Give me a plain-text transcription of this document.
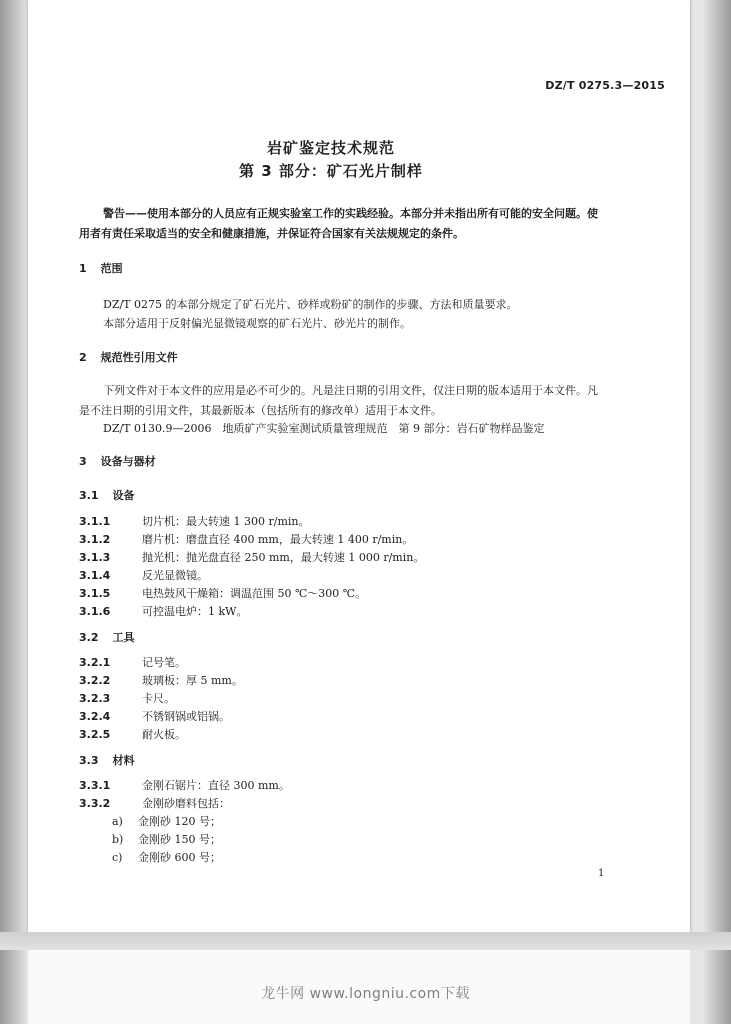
DZ/T 0275.3—2015
岩矿鉴定技术规范
第 3 部分：矿石光片制样
警告——使用本部分的人员应有正规实验室工作的实践经验。本部分并未指出所有可能的安全问题。使用者有责任采取适当的安全和健康措施，并保证符合国家有关法规规定的条件。
1 范围
DZ/T 0275 的本部分规定了矿石光片、砂样或粉矿的制作的步骤、方法和质量要求。
本部分适用于反射偏光显微镜观察的矿石光片、砂光片的制作。
2 规范性引用文件
下列文件对于本文件的应用是必不可少的。凡是注日期的引用文件，仅注日期的版本适用于本文件。凡是不注日期的引用文件，其最新版本（包括所有的修改单）适用于本文件。
DZ/T 0130.9—2006　地质矿产实验室测试质量管理规范　第 9 部分：岩石矿物样品鉴定
3 设备与器材
3.1 设备
3.1.1	切片机：最大转速 1 300 r/min。
3.1.2	磨片机：磨盘直径 400 mm，最大转速 1 400 r/min。
3.1.3	抛光机：抛光盘直径 250 mm，最大转速 1 000 r/min。
3.1.4	反光显微镜。
3.1.5	电热鼓风干燥箱：调温范围 50 ℃～300 ℃。
3.1.6	可控温电炉：1 kW。
3.2 工具
3.2.1	记号笔。
3.2.2	玻璃板：厚 5 mm。
3.2.3	卡尺。
3.2.4	不锈钢锅或铝锅。
3.2.5	耐火板。
3.3 材料
3.3.1	金刚石锯片：直径 300 mm。
3.3.2	金刚砂磨料包括：
a) 金刚砂 120 号；
b) 金刚砂 150 号；
c) 金刚砂 600 号；
1
龙牛网 www.longniu.com下载
